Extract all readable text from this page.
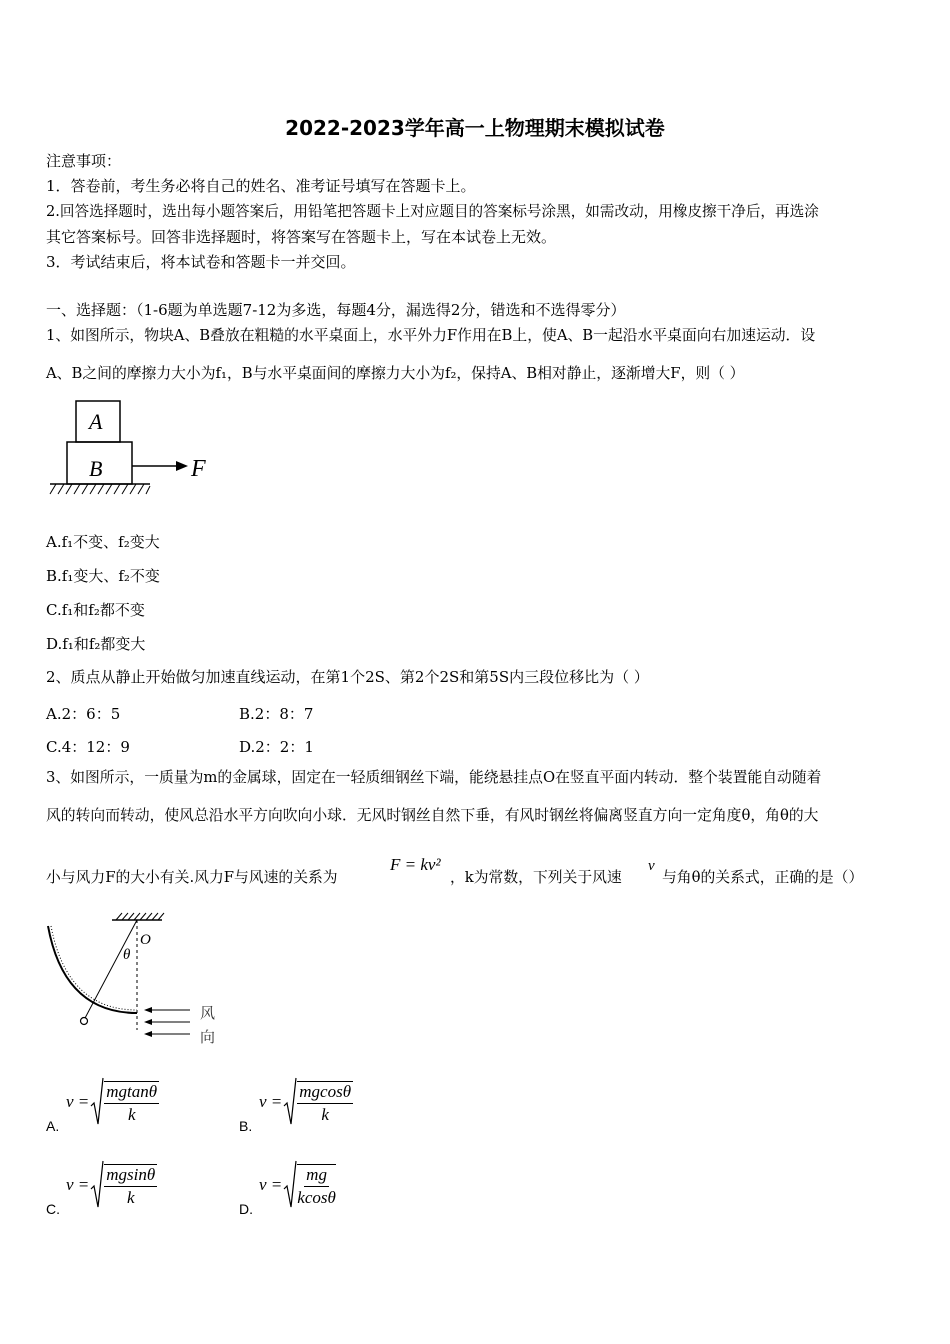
2022-2023学年高一上物理期末模拟试卷
注意事项：
1．答卷前，考生务必将自己的姓名、准考证号填写在答题卡上。
2.回答选择题时，选出每小题答案后，用铅笔把答题卡上对应题目的答案标号涂黑，如需改动，用橡皮擦干净后，再选涂
其它答案标号。回答非选择题时，将答案写在答题卡上，写在本试卷上无效。
3．考试结束后，将本试卷和答题卡一并交回。
一、选择题：（1-6题为单选题7-12为多选，每题4分，漏选得2分，错选和不选得零分）
1、如图所示，物块A、B叠放在粗糙的水平桌面上，水平外力F作用在B上，使A、B一起沿水平桌面向右加速运动．设
A、B之间的摩擦力大小为f₁，B与水平桌面间的摩擦力大小为f₂，保持A、B相对静止，逐渐增大F，则（ ）
A
B	F
A.f₁不变、f₂变大
B.f₁变大、f₂不变
C.f₁和f₂都不变
D.f₁和f₂都变大
2、质点从静止开始做匀加速直线运动，在第1个2S、第2个2S和第5S内三段位移比为（ ）
A.2：6：5	B.2：8：7
C.4：12：9	D.2：2：1
3、如图所示，一质量为m的金属球，固定在一轻质细钢丝下端，能绕悬挂点O在竖直平面内转动．整个装置能自动随着
风的转向而转动，使风总沿水平方向吹向小球．无风时钢丝自然下垂，有风时钢丝将偏离竖直方向一定角度θ，角θ的大
小与风力F的大小有关.风力F与风速的关系为
F = kv²
，k为常数，下列关于风速
v
与角θ的关系式，正确的是（）
O
θ
风
向
A.
$v = \frac{mgtan\theta}{k}$
B.
$v = \frac{mgcos\theta}{k}$
C.
$v = \frac{mgsin\theta}{k}$
D.
$v = \frac{mg}{kcos\theta}$
